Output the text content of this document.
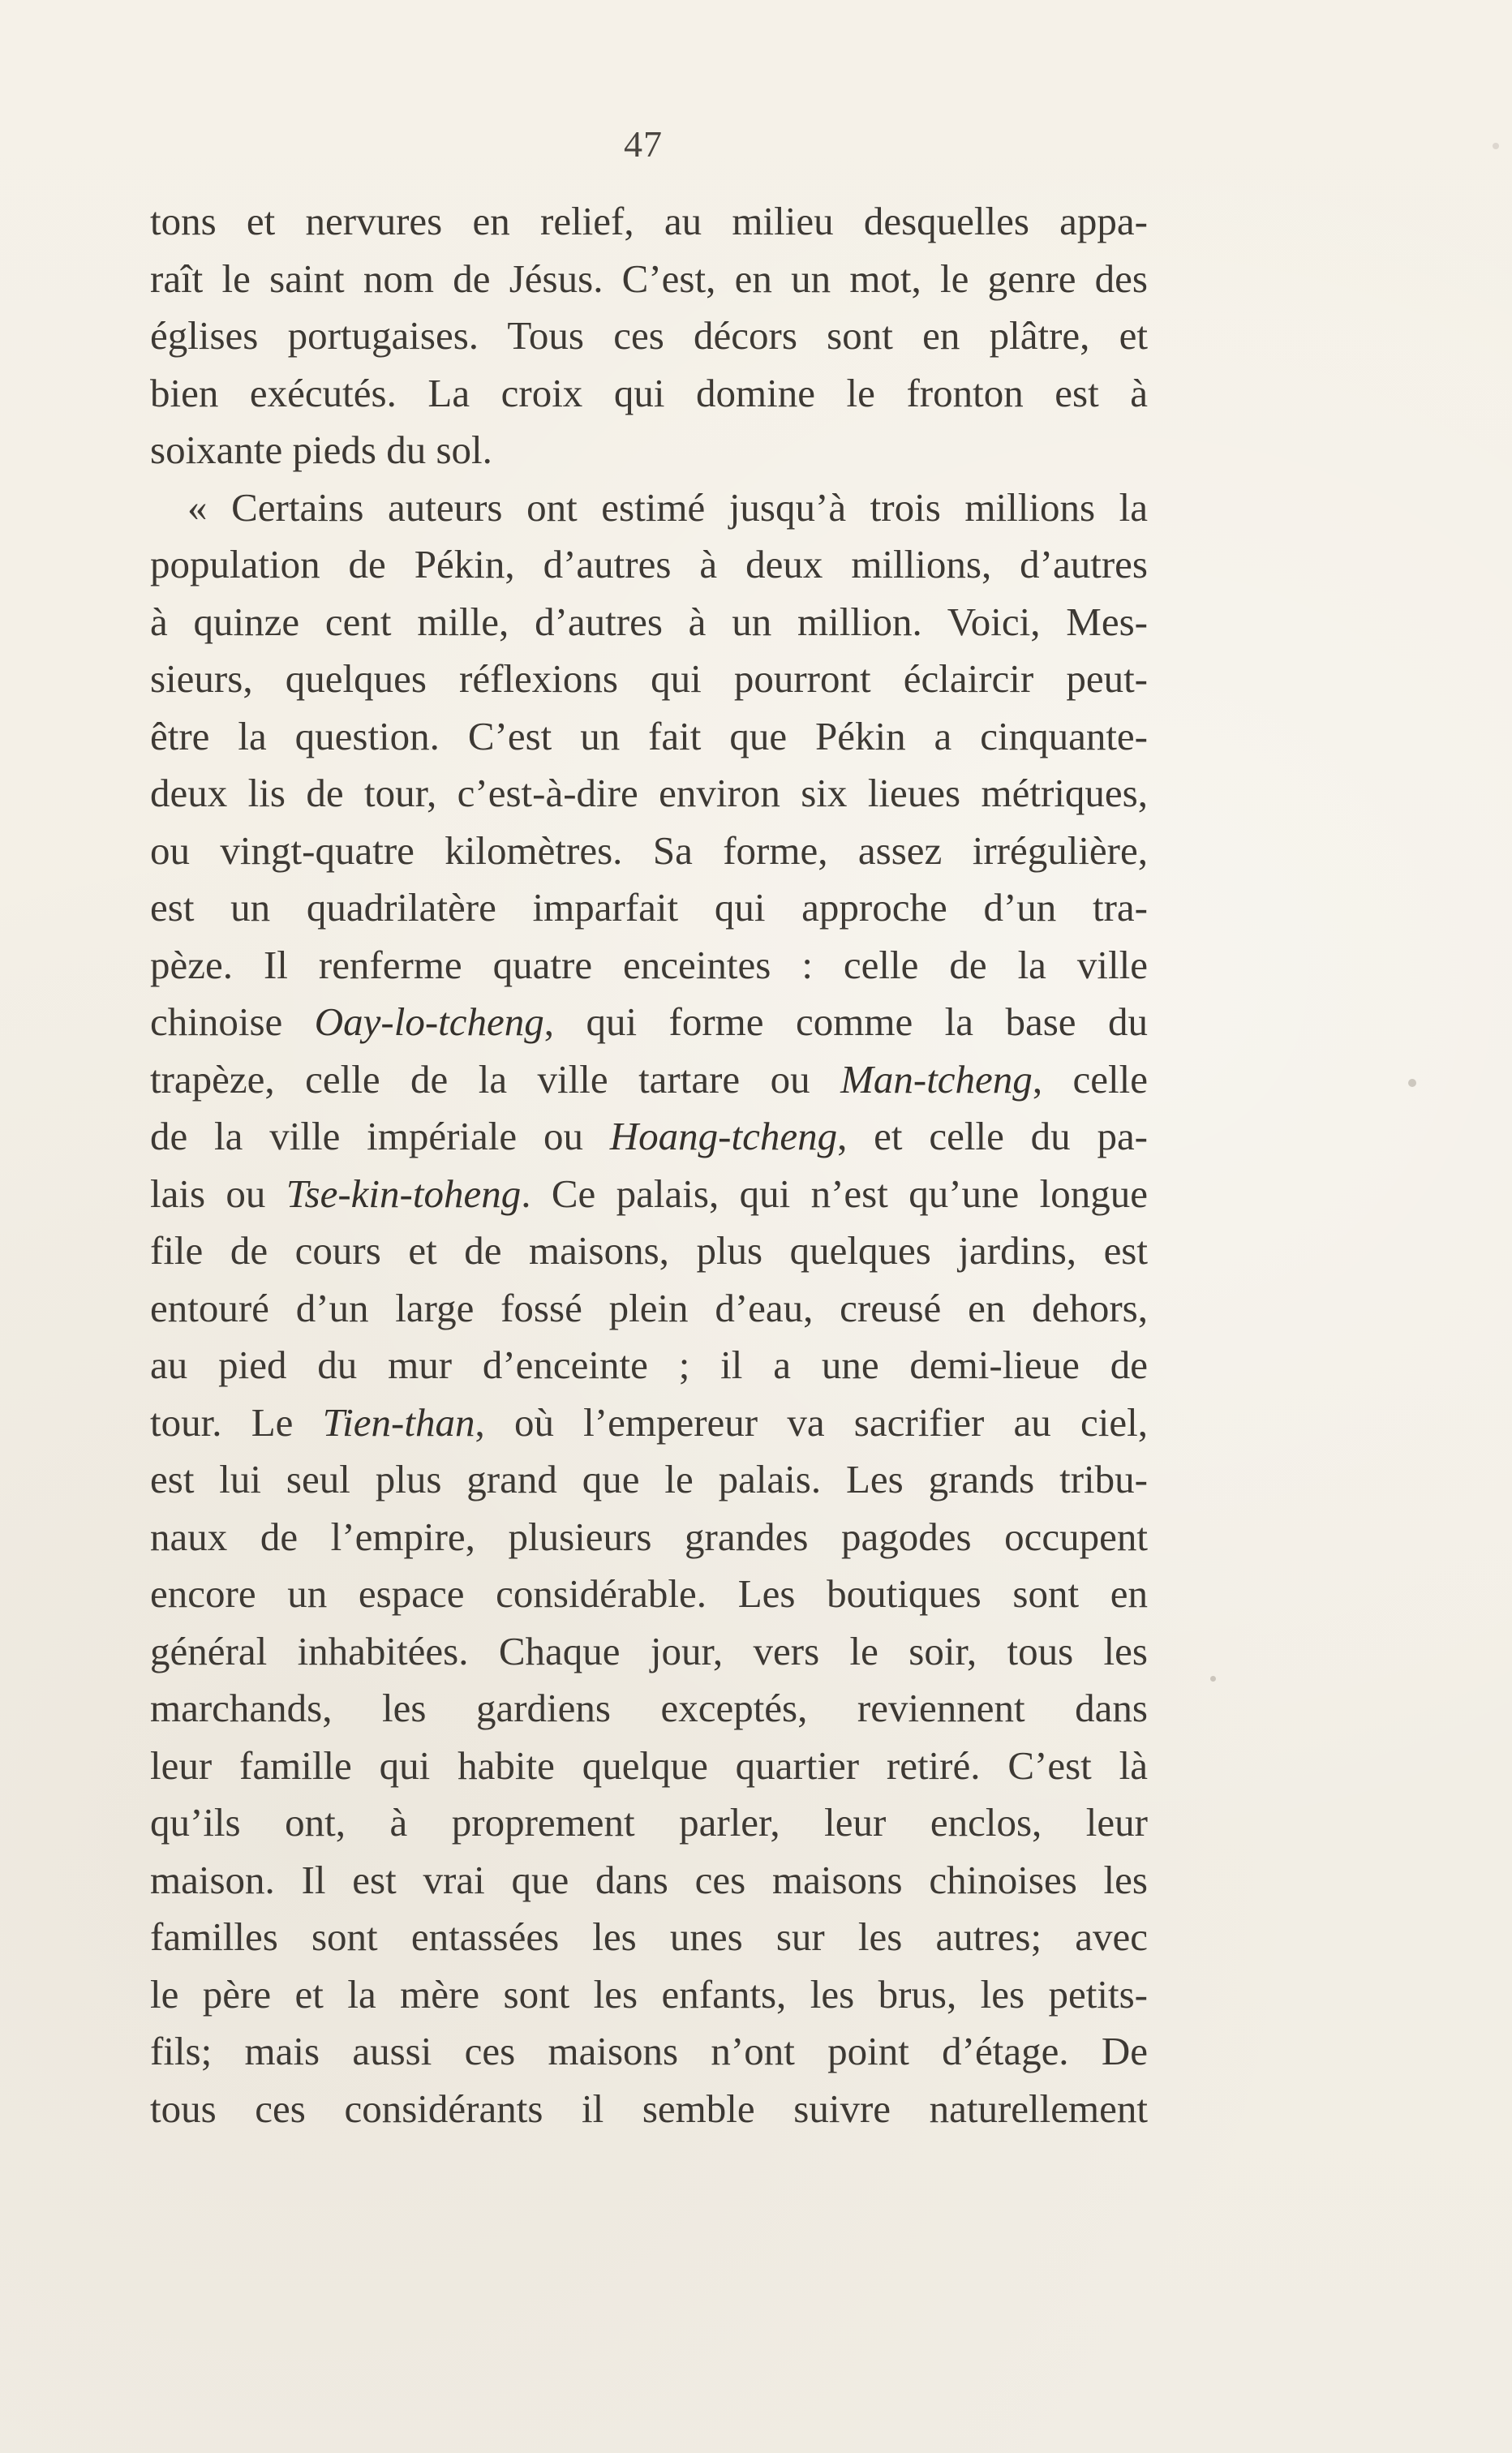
47
tons et nervures en relief, au milieu desquelles appa-
raît le saint nom de Jésus. C’est, en un mot, le genre des
églises portugaises. Tous ces décors sont en plâtre, et
bien exécutés. La croix qui domine le fronton est à
soixante pieds du sol.
« Certains auteurs ont estimé jusqu’à trois millions la
population de Pékin, d’autres à deux millions, d’autres
à quinze cent mille, d’autres à un million. Voici, Mes-
sieurs, quelques réflexions qui pourront éclaircir peut-
être la question. C’est un fait que Pékin a cinquante-
deux lis de tour, c’est-à-dire environ six lieues métriques,
ou vingt-quatre kilomètres. Sa forme, assez irrégulière,
est un quadrilatère imparfait qui approche d’un tra-
pèze. Il renferme quatre enceintes : celle de la ville
chinoise Oay-lo-tcheng, qui forme comme la base du
trapèze, celle de la ville tartare ou Man-tcheng, celle
de la ville impériale ou Hoang-tcheng, et celle du pa-
lais ou Tse-kin-toheng. Ce palais, qui n’est qu’une longue
file de cours et de maisons, plus quelques jardins, est
entouré d’un large fossé plein d’eau, creusé en dehors,
au pied du mur d’enceinte ; il a une demi-lieue de
tour. Le Tien-than, où l’empereur va sacrifier au ciel,
est lui seul plus grand que le palais. Les grands tribu-
naux de l’empire, plusieurs grandes pagodes occupent
encore un espace considérable. Les boutiques sont en
général inhabitées. Chaque jour, vers le soir, tous les
marchands, les gardiens exceptés, reviennent dans
leur famille qui habite quelque quartier retiré. C’est là
qu’ils ont, à proprement parler, leur enclos, leur
maison. Il est vrai que dans ces maisons chinoises les
familles sont entassées les unes sur les autres; avec
le père et la mère sont les enfants, les brus, les petits-
fils; mais aussi ces maisons n’ont point d’étage. De
tous ces considérants il semble suivre naturellement
